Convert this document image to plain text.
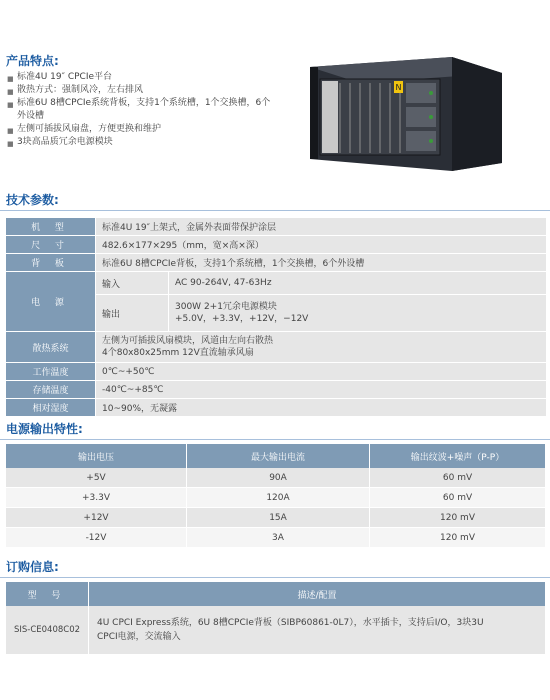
产品特点:
■ 标准4U 19″ CPCIe平台
■ 散热方式：强制风冷，左右排风
■ 标准6U 8槽CPCIe系统背板，支持1个系统槽，1个交换槽，6个外设槽
■ 左侧可插拔风扇盘，方便更换和维护
■ 3块高品质冗余电源模块
N
技术参数:
机 型	标准4U 19″上架式，金属外表面带保护涂层	
尺 寸	482.6×177×295（mm，宽×高×深）	
背 板	标准6U 8槽CPCIe背板，支持1个系统槽，1个交换槽，6个外设槽	
电 源	输入	AC 90-264V, 47-63Hz
	输出	300W 2+1冗余电源模块
+5.0V，+3.3V，+12V，−12V

散热系统	左侧为可插拔风扇模块，风道由左向右散热
4个80x80x25mm 12V直流轴承风扇	

工作温度	0℃~+50℃	
存储温度	-40℃~+85℃	
相对湿度	10~90%，无凝露	
电源输出特性:
输出电压	最大输出电流	输出纹波+噪声（P-P）
+5V	90A	60 mV
+3.3V	120A	60 mV
+12V	15A	120 mV
-12V	3A	120 mV
订购信息:
型 号	描述/配置
SIS-CE0408C02	4U CPCI Express系统，6U 8槽CPCIe背板（SIBP60861-0L7），水平插卡，支持后I/O，3块3U
CPCI电源，交流输入
